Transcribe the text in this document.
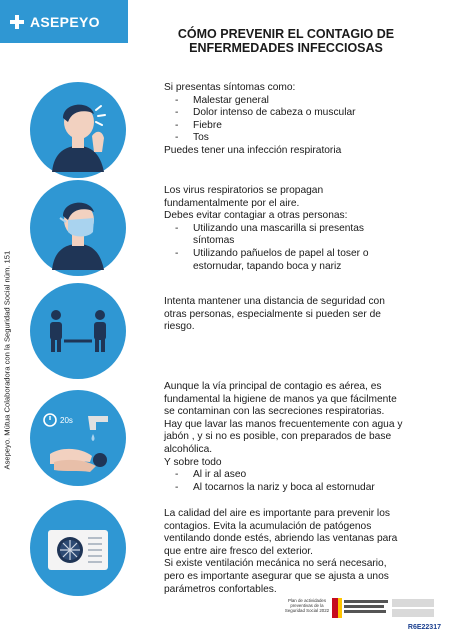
ASEPEYO
CÓMO PREVENIR EL CONTAGIO DE ENFERMEDADES INFECCIOSAS
Asepeyo. Mútua Colaboradora con la Seguridad Social núm. 151

Si presentas síntomas como:

- Malestar general
- Dolor intenso de cabeza o muscular
- Fiebre
- Tos

Puedes tener una infección respiratoria

Los virus respiratorios se propagan fundamentalmente por el aire.

Debes evitar contagiar a otras personas:

- Utilizando una mascarilla si presentas síntomas
- Utilizando pañuelos de papel al toser o estornudar, tapando boca y nariz

Intenta mantener una distancia de seguridad con otras personas, especialmente si pueden ser de riesgo.

20s

Aunque la vía principal de contagio es aérea, es fundamental la higiene de manos ya que fácilmente se contaminan con las secreciones respiratorias. Hay que lavar las manos frecuentemente con agua y jabón , y si no es posible, con preparados de base alcohólica.

Y sobre todo

- Al ir al aseo
- Al tocarnos la nariz y boca al estornudar

La calidad del aire es importante para prevenir los contagios. Evita la acumulación de patógenos ventilando donde estés, abriendo las ventanas para que entre aire fresco del exterior.

Si existe ventilación mecánica no será necesario, pero es importante asegurar que se ajusta a unos parámetros confortables.

Plan de actividades preventivas de la Seguridad Social 2022
R6E22317
